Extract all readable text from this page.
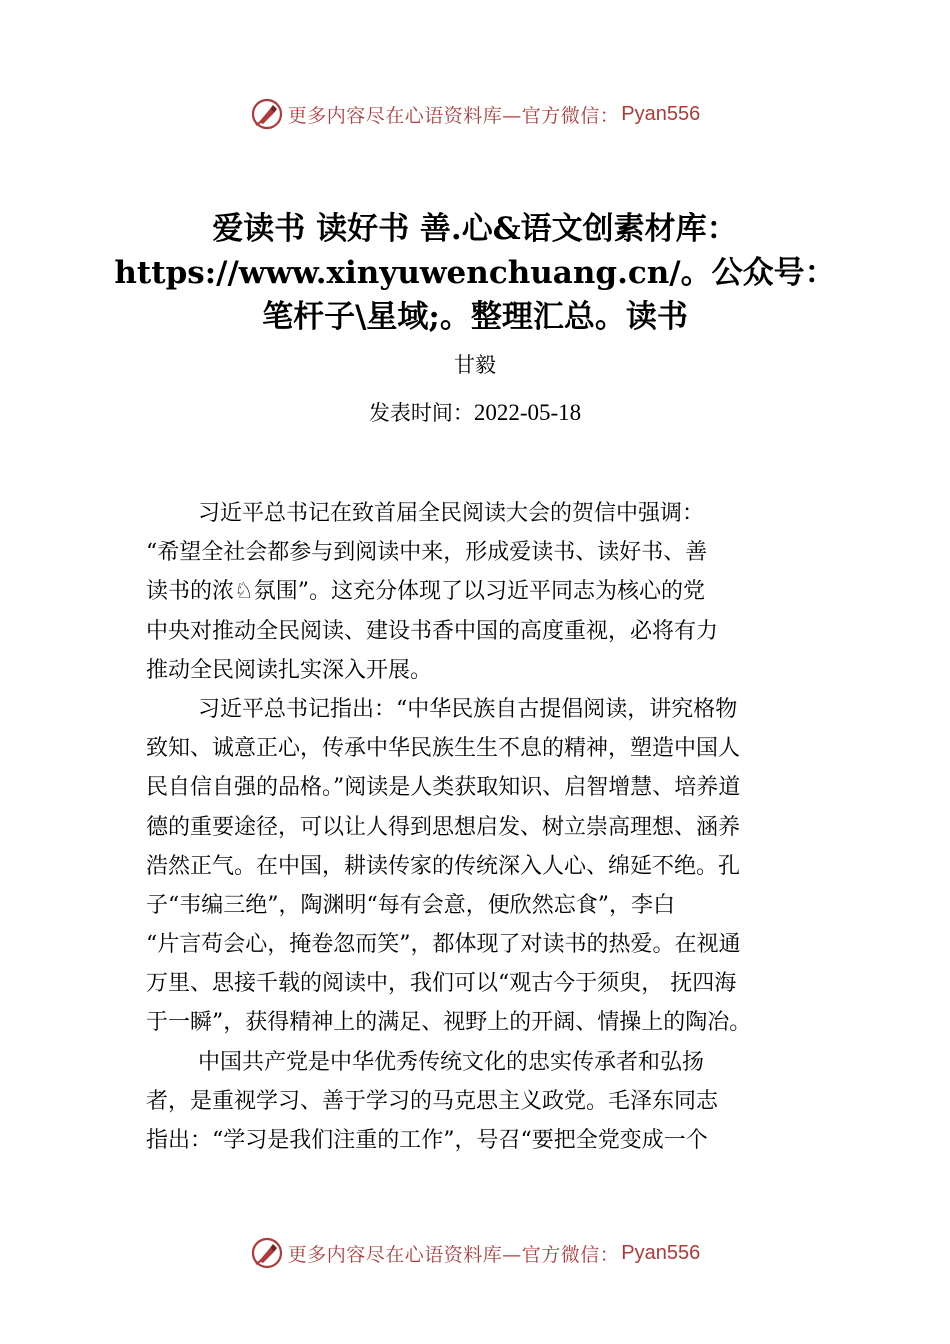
更多内容尽在心语资料库—官方微信： Pyan556
爱读书 读好书 善.心&语文创素材库：
https://www.xinyuwenchuang.cn/。公众号：
笔杆子\星域;。整理汇总。读书
甘毅
发表时间：2022-05-18
习近平总书记在致首届全民阅读大会的贺信中强调：
“希望全社会都参与到阅读中来，形成爱读书、读好书、善
读书的浓♘氛围”。这充分体现了以习近平同志为核心的党
中央对推动全民阅读、建设书香中国的高度重视，必将有力
推动全民阅读扎实深入开展。
习近平总书记指出：“中华民族自古提倡阅读，讲究格物
致知、诚意正心，传承中华民族生生不息的精神，塑造中国人
民自信自强的品格。”阅读是人类获取知识、启智增慧、培养道
德的重要途径，可以让人得到思想启发、树立崇高理想、涵养
浩然正气。在中国，耕读传家的传统深入人心、绵延不绝。孔
子“韦编三绝”，陶渊明“每有会意，便欣然忘食”，李白
“片言苟会心，掩卷忽而笑”，都体现了对读书的热爱。在视通
万里、思接千载的阅读中，我们可以“观古今于须臾， 抚四海
于一瞬”，获得精神上的满足、视野上的开阔、情操上的陶冶。
中国共产党是中华优秀传统文化的忠实传承者和弘扬
者，是重视学习、善于学习的马克思主义政党。毛泽东同志
指出：“学习是我们注重的工作”，号召“要把全党变成一个
更多内容尽在心语资料库—官方微信： Pyan556
